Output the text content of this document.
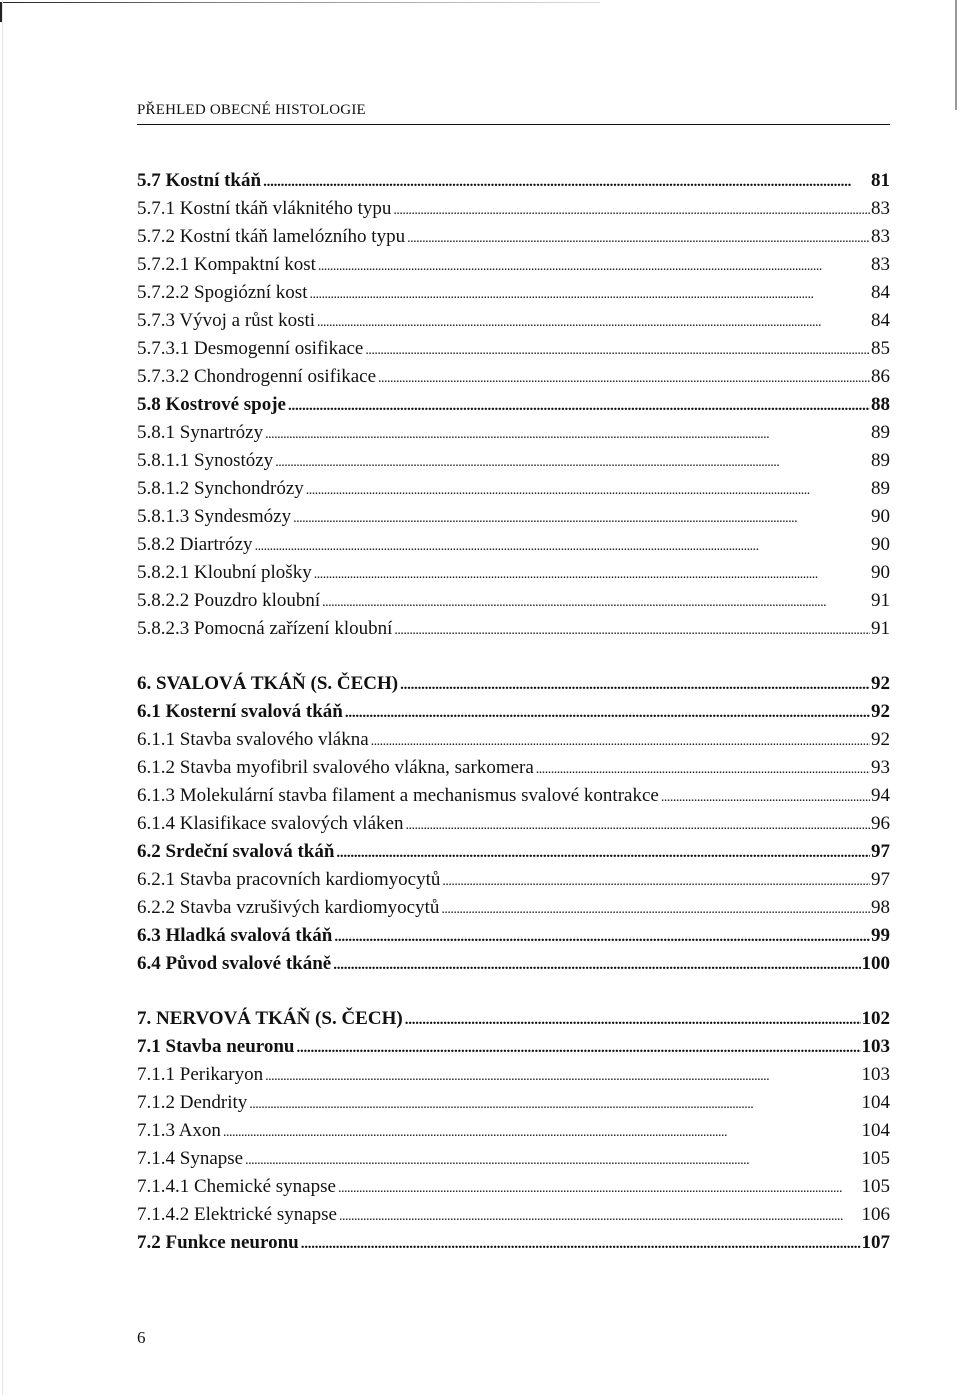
PŘEHLED OBECNÉ HISTOLOGIE
5.7 Kostní tkáň . . .	81
5.7.1 Kostní tkáň vláknitého typu . . .	83
5.7.2 Kostní tkáň lamelózního typu . . .	83
5.7.2.1 Kompaktní kost . . .	83
5.7.2.2 Spogiózní kost . . .	84
5.7.3 Vývoj a růst kosti . . .	84
5.7.3.1 Desmogenní osifikace . . .	85
5.7.3.2 Chondrogenní osifikace . . .	86
5.8 Kostrové spoje . . .	88
5.8.1 Synartrózy . . .	89
5.8.1.1 Synostózy . . .	89
5.8.1.2 Synchondrózy . . .	89
5.8.1.3 Syndesmózy . . .	90
5.8.2 Diartrózy . . .	90
5.8.2.1 Kloubní plošky . . .	90
5.8.2.2 Pouzdro kloubní . . .	91
5.8.2.3 Pomocná zařízení kloubní . . .	91
6. SVALOVÁ TKÁŇ (S. ČECH) . . .	92
6.1 Kosterní svalová tkáň . . .	92
6.1.1 Stavba svalového vlákna . . .	92
6.1.2 Stavba myofibril svalového vlákna, sarkomera . . .	93
6.1.3 Molekulární stavba filament a mechanismus svalové kontrakce . . .	94
6.1.4 Klasifikace svalových vláken . . .	96
6.2 Srdeční svalová tkáň . . .	97
6.2.1 Stavba pracovních kardiomyocytů . . .	97
6.2.2 Stavba vzrušivých kardiomyocytů . . .	98
6.3 Hladká svalová tkáň . . .	99
6.4 Původ svalové tkáně . . .	100
7. NERVOVÁ TKÁŇ (S. ČECH) . . .	102
7.1 Stavba neuronu . . .	103
7.1.1 Perikaryon . . .	103
7.1.2 Dendrity . . .	104
7.1.3 Axon . . .	104
7.1.4 Synapse . . .	105
7.1.4.1 Chemické synapse . . .	105
7.1.4.2 Elektrické synapse . . .	106
7.2 Funkce neuronu . . .	107
6
